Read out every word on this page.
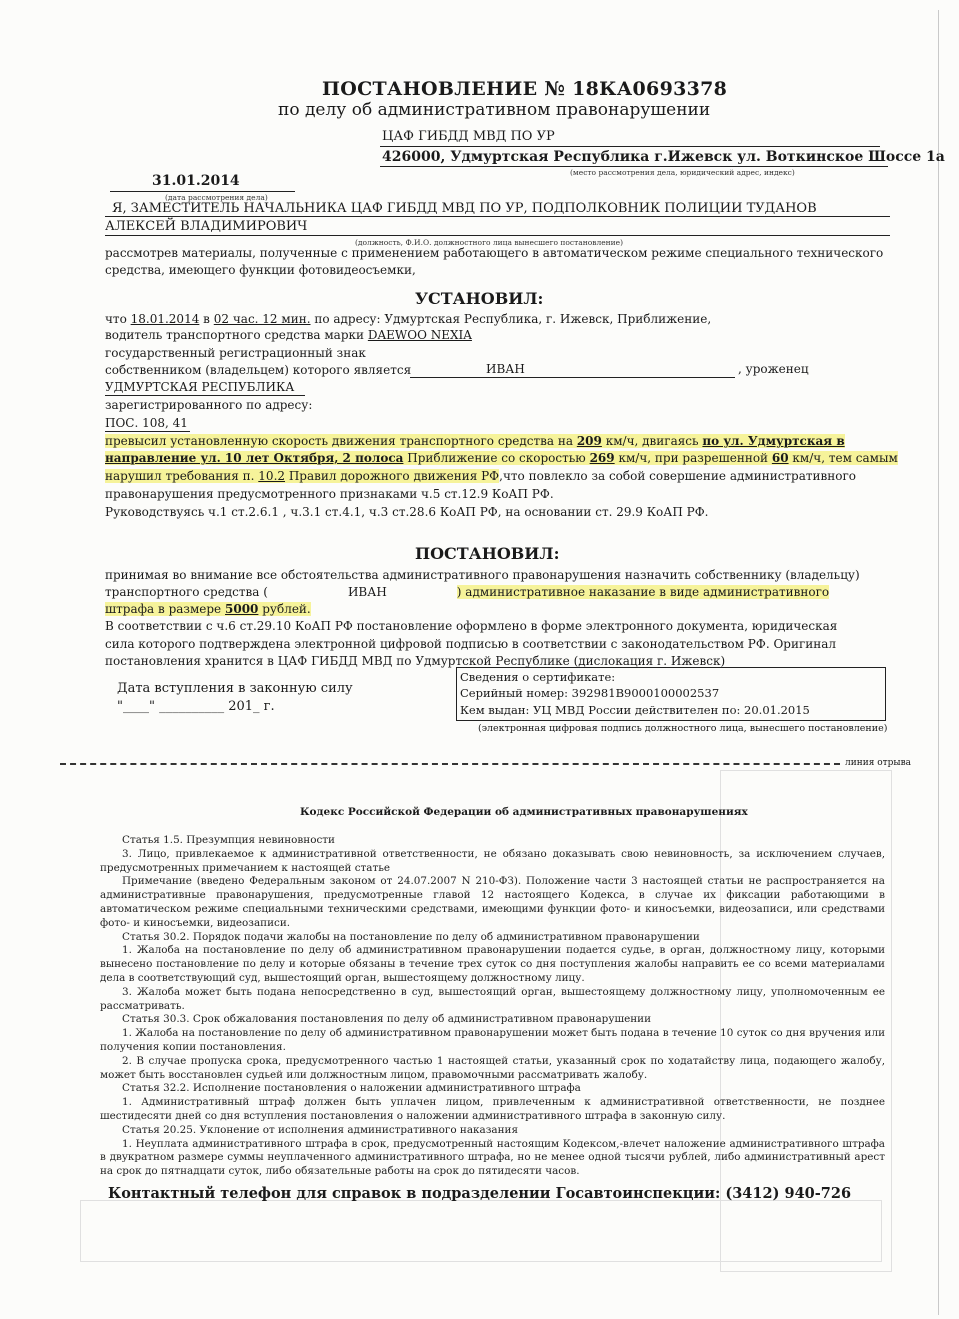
ПОСТАНОВЛЕНИЕ № 18КА0693378
по делу об административном правонарушении
ЦАФ ГИБДД МВД ПО УР
426000, Удмуртская Республика г.Ижевск ул. Воткинское Шоссе 1а
(место рассмотрения дела, юридический адрес, индекс)
31.01.2014
(дата рассмотрения дела)
Я, ЗАМЕСТИТЕЛЬ НАЧАЛЬНИКА ЦАФ ГИБДД МВД ПО УР, ПОДПОЛКОВНИК ПОЛИЦИИ ТУДАНОВ
АЛЕКСЕЙ ВЛАДИМИРОВИЧ
(должность, Ф.И.О. должностного лица вынесшего постановление)
рассмотрев материалы, полученные с применением работающего в автоматическом режиме специального технического
средства, имеющего функции фотовидеосъемки,
УСТАНОВИЛ:
что 18.01.2014 в 02 час. 12 мин. по адресу: Удмуртская Республика, г. Ижевск, Приближение,
водитель транспортного средства марки DAEWOO NEXIA
государственный регистрационный знак
собственником (владельцем) которого является	ИВАН	, уроженец
УДМУРТСКАЯ РЕСПУБЛИКА
зарегистрированного по адресу:
ПОС. 108, 41
превысил установленную скорость движения транспортного средства на 209 км/ч, двигаясь по ул. Удмуртская в
направление ул. 10 лет Октября, 2 полоса Приближение со скоростью 269 км/ч, при разрешенной 60 км/ч, тем самым
нарушил требования п. 10.2 Правил дорожного движения РФ,что повлекло за собой совершение административного
правонарушения предусмотренного признаками ч.5 ст.12.9 КоАП РФ.
Руководствуясь ч.1 ст.2.6.1 , ч.3.1 ст.4.1, ч.3 ст.28.6 КоАП РФ, на основании ст. 29.9 КоАП РФ.
ПОСТАНОВИЛ:
принимая во внимание все обстоятельства административного правонарушения назначить собственнику (владельцу)
транспортного средства (	ИВАН	) административное наказание в виде административного
штрафа в размере 5000 рублей.
В соответствии с ч.6 ст.29.10 КоАП РФ постановление оформлено в форме электронного документа, юридическая
сила которого подтверждена электронной цифровой подписью в соответствии с законодательством РФ. Оригинал
постановления хранится в ЦАФ ГИБДД МВД по Удмуртской Республике (дислокация г. Ижевск)
Дата вступления в законную силу
"____" __________ 201_ г.
Сведения о сертификате:
Серийный номер: 392981B9000100002537
Кем выдан: УЦ МВД России действителен по: 20.01.2015
(электронная цифровая подпись должностного лица, вынесшего постановление)
линия отрыва
Кодекс Российской Федерации об административных правонарушениях

Статья 1.5. Презумпция невиновности

3. Лицо, привлекаемое к административной ответственности, не обязано доказывать свою невиновность, за исключением случаев, предусмотренных примечанием к настоящей статье

Примечание (введено Федеральным законом от 24.07.2007 N 210-ФЗ). Положение части 3 настоящей статьи не распространяется на административные правонарушения, предусмотренные главой 12 настоящего Кодекса, в случае их фиксации работающими в автоматическом режиме специальными техническими средствами, имеющими функции фото- и киносъемки, видеозаписи, или средствами фото- и киносъемки, видеозаписи.

Статья 30.2. Порядок подачи жалобы на постановление по делу об административном правонарушении

1. Жалоба на постановление по делу об административном правонарушении подается судье, в орган, должностному лицу, которыми вынесено постановление по делу и которые обязаны в течение трех суток со дня поступления жалобы направить ее со всеми материалами дела в соответствующий суд, вышестоящий орган, вышестоящему должностному лицу.

3. Жалоба может быть подана непосредственно в суд, вышестоящий орган, вышестоящему должностному лицу, уполномоченным ее рассматривать.

Статья 30.3. Срок обжалования постановления по делу об административном правонарушении

1. Жалоба на постановление по делу об административном правонарушении может быть подана в течение 10 суток со дня вручения или получения копии постановления.

2. В случае пропуска срока, предусмотренного частью 1 настоящей статьи, указанный срок по ходатайству лица, подающего жалобу, может быть восстановлен судьей или должностным лицом, правомочными рассматривать жалобу.

Статья 32.2. Исполнение постановления о наложении административного штрафа

1. Административный штраф должен быть уплачен лицом, привлеченным к административной ответственности, не позднее шестидесяти дней со дня вступления постановления о наложении административного штрафа в законную силу.

Статья 20.25. Уклонение от исполнения административного наказания

1. Неуплата административного штрафа в срок, предусмотренный настоящим Кодексом,-влечет наложение административного штрафа в двукратном размере суммы неуплаченного административного штрафа, но не менее одной тысячи рублей, либо административный арест на срок до пятнадцати суток, либо обязательные работы на срок до пятидесяти часов.

Контактный телефон для справок в подразделении Госавтоинспекции: (3412) 940-726
